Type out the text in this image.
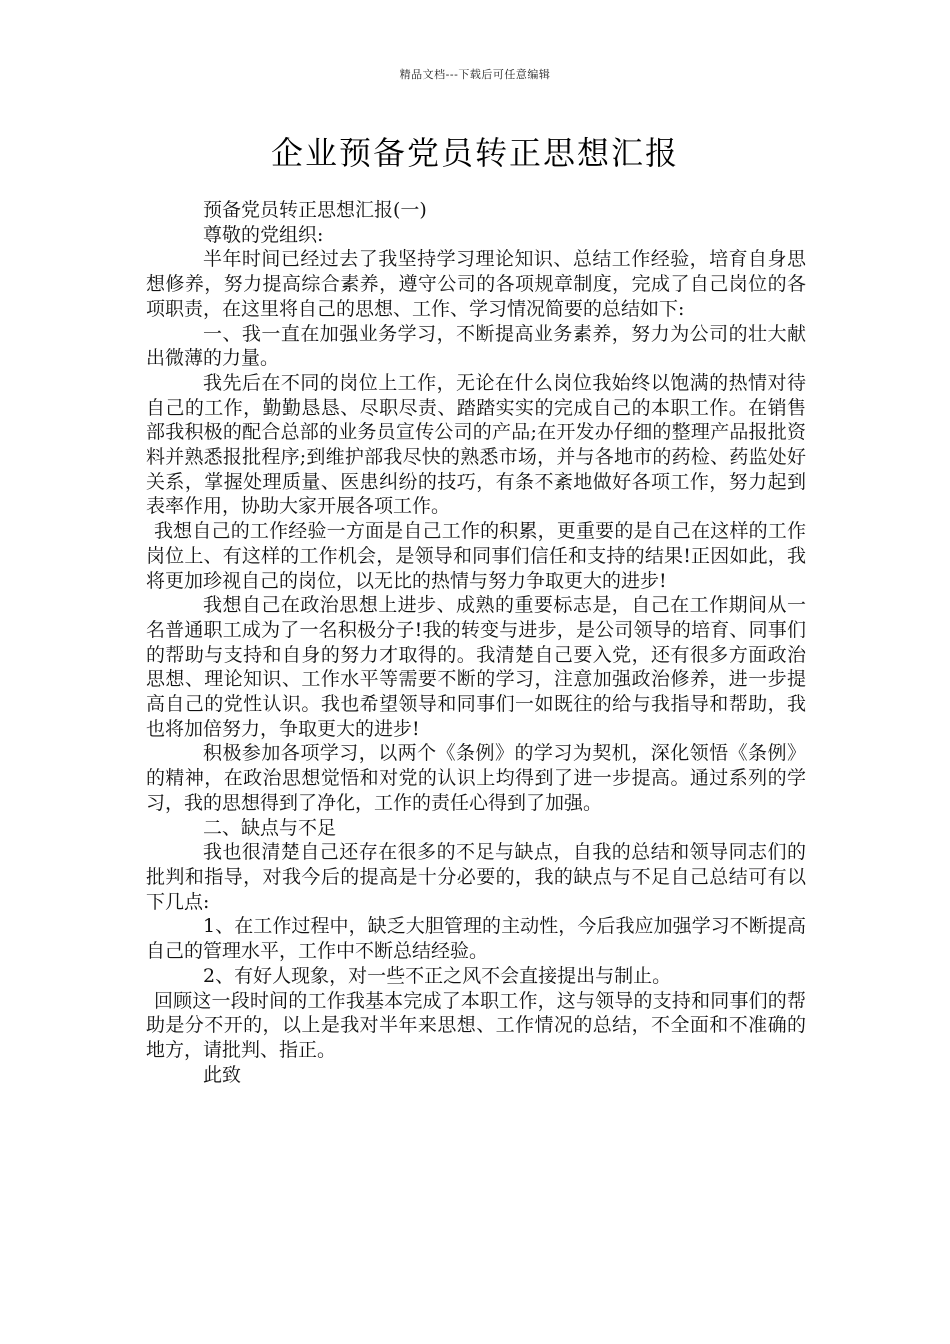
精品文档---下载后可任意编辑
企业预备党员转正思想汇报

预备党员转正思想汇报(一)

尊敬的党组织:

半年时间已经过去了我坚持学习理论知识、总结工作经验，培育自身思想修养，努力提高综合素养，遵守公司的各项规章制度，完成了自己岗位的各项职责，在这里将自己的思想、工作、学习情况简要的总结如下:

一、我一直在加强业务学习，不断提高业务素养，努力为公司的壮大献出微薄的力量。

我先后在不同的岗位上工作，无论在什么岗位我始终以饱满的热情对待自己的工作，勤勤恳恳、尽职尽责、踏踏实实的完成自己的本职工作。在销售部我积极的配合总部的业务员宣传公司的产品;在开发办仔细的整理产品报批资料并熟悉报批程序;到维护部我尽快的熟悉市场，并与各地市的药检、药监处好关系，掌握处理质量、医患纠纷的技巧，有条不紊地做好各项工作，努力起到表率作用，协助大家开展各项工作。

我想自己的工作经验一方面是自己工作的积累，更重要的是自己在这样的工作岗位上、有这样的工作机会，是领导和同事们信任和支持的结果!正因如此，我将更加珍视自己的岗位，以无比的热情与努力争取更大的进步!

我想自己在政治思想上进步、成熟的重要标志是，自己在工作期间从一名普通职工成为了一名积极分子!我的转变与进步，是公司领导的培育、同事们的帮助与支持和自身的努力才取得的。我清楚自己要入党，还有很多方面政治思想、理论知识、工作水平等需要不断的学习，注意加强政治修养，进一步提高自己的党性认识。我也希望领导和同事们一如既往的给与我指导和帮助，我也将加倍努力，争取更大的进步!

积极参加各项学习，以两个《条例》的学习为契机，深化领悟《条例》的精神，在政治思想觉悟和对党的认识上均得到了进一步提高。通过系列的学习，我的思想得到了净化，工作的责任心得到了加强。

二、缺点与不足

我也很清楚自己还存在很多的不足与缺点，自我的总结和领导同志们的批判和指导，对我今后的提高是十分必要的，我的缺点与不足自己总结可有以下几点:

1、在工作过程中，缺乏大胆管理的主动性，今后我应加强学习不断提高自己的管理水平，工作中不断总结经验。

2、有好人现象，对一些不正之风不会直接提出与制止。

回顾这一段时间的工作我基本完成了本职工作，这与领导的支持和同事们的帮助是分不开的，以上是我对半年来思想、工作情况的总结，不全面和不准确的地方，请批判、指正。

此致
